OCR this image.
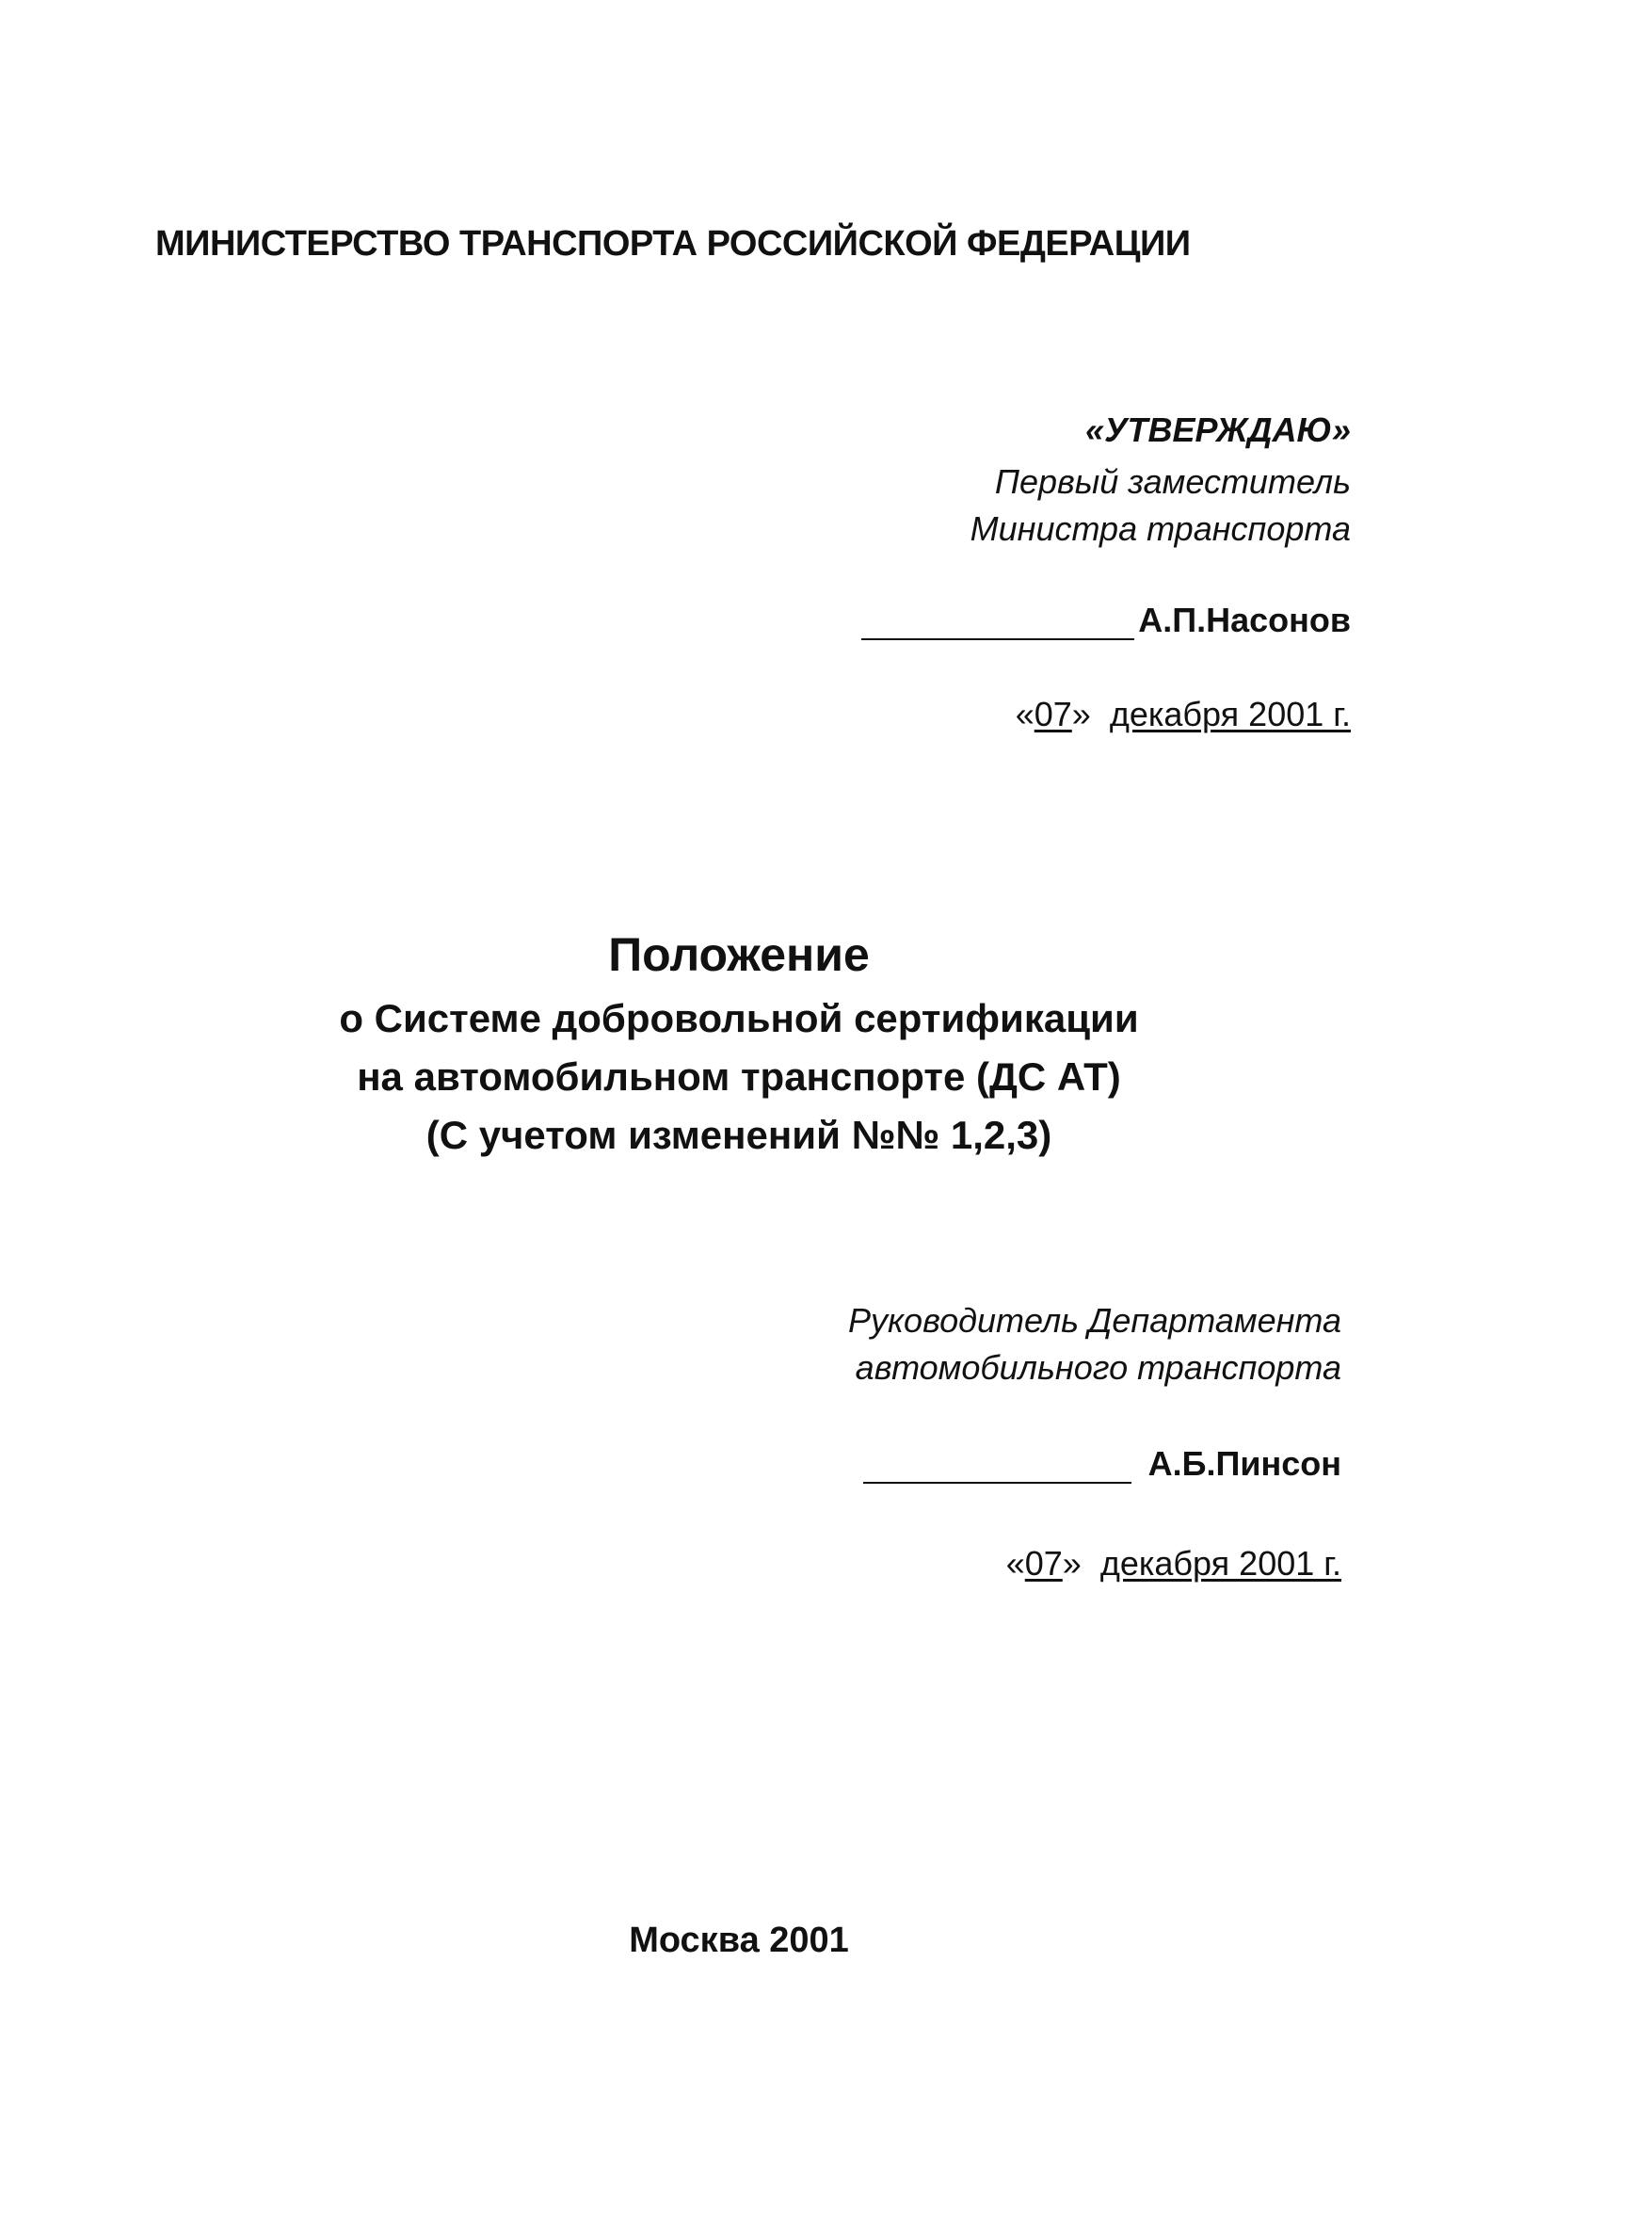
МИНИСТЕРСТВО ТРАНСПОРТА РОССИЙСКОЙ ФЕДЕРАЦИИ
«УТВЕРЖДАЮ»
Первый заместитель
Министра транспорта
А.П.Насонов
«07» декабря 2001 г.
Положение
о Системе добровольной сертификации
на автомобильном транспорте (ДС АТ)
(С учетом изменений №№ 1,2,3)
Руководитель Департамента
автомобильного транспорта
А.Б.Пинсон
«07» декабря 2001 г.
Москва 2001
